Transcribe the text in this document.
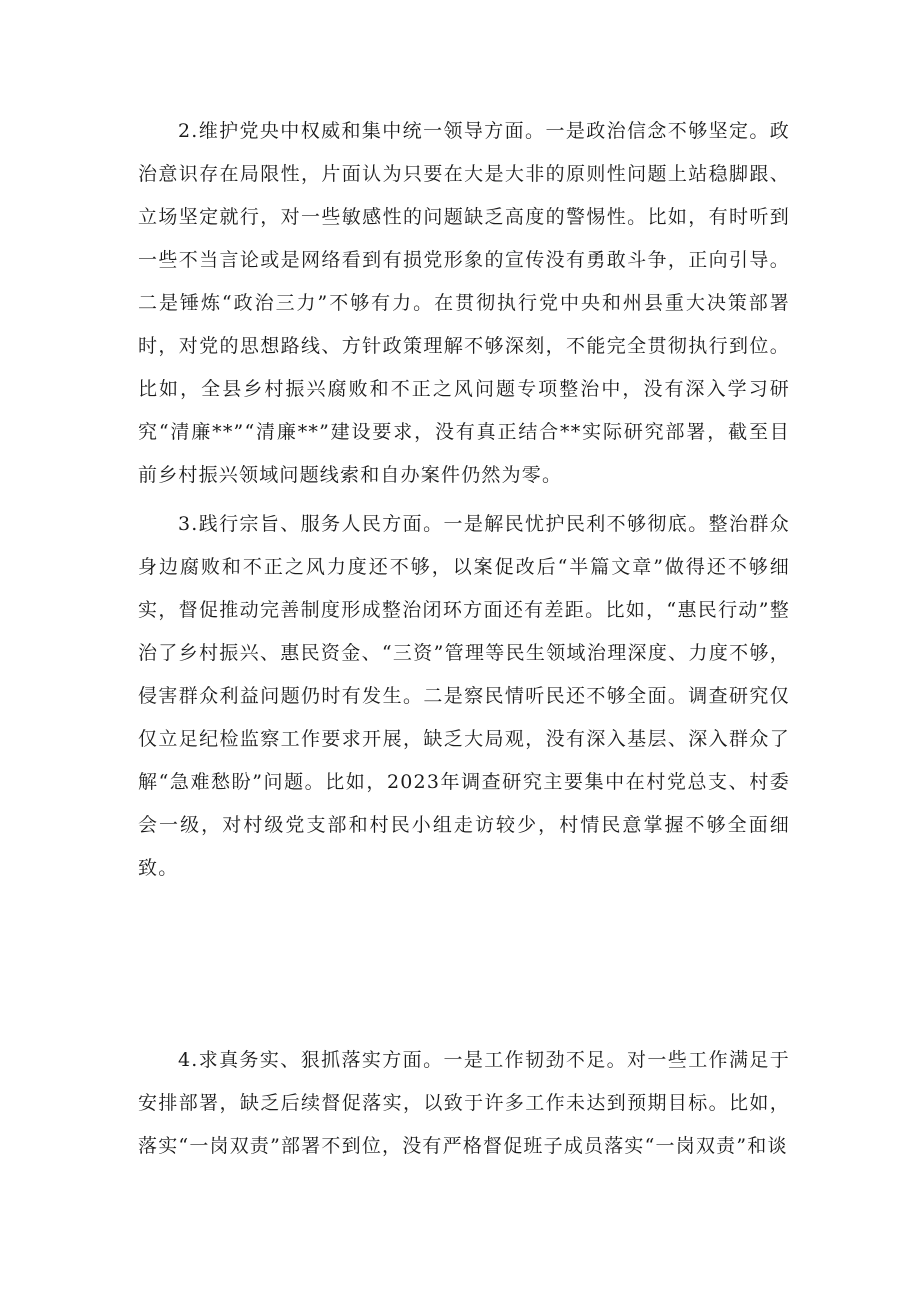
2.维护党央中权威和集中统一领导方面。一是政治信念不够坚定。政治意识存在局限性，片面认为只要在大是大非的原则性问题上站稳脚跟、立场坚定就行，对一些敏感性的问题缺乏高度的警惕性。比如，有时听到一些不当言论或是网络看到有损党形象的宣传没有勇敢斗争，正向引导。二是锤炼“政治三力”不够有力。在贯彻执行党中央和州县重大决策部署时，对党的思想路线、方针政策理解不够深刻，不能完全贯彻执行到位。比如，全县乡村振兴腐败和不正之风问题专项整治中，没有深入学习研究“清廉**”“清廉**”建设要求，没有真正结合**实际研究部署，截至目前乡村振兴领域问题线索和自办案件仍然为零。

3.践行宗旨、服务人民方面。一是解民忧护民利不够彻底。整治群众身边腐败和不正之风力度还不够，以案促改后“半篇文章”做得还不够细实，督促推动完善制度形成整治闭环方面还有差距。比如，“惠民行动”整治了乡村振兴、惠民资金、“三资”管理等民生领域治理深度、力度不够，侵害群众利益问题仍时有发生。二是察民情听民还不够全面。调查研究仅仅立足纪检监察工作要求开展，缺乏大局观，没有深入基层、深入群众了解“急难愁盼”问题。比如，2023年调查研究主要集中在村党总支、村委会一级，对村级党支部和村民小组走访较少，村情民意掌握不够全面细致。

4.求真务实、狠抓落实方面。一是工作韧劲不足。对一些工作满足于安排部署，缺乏后续督促落实，以致于许多工作未达到预期目标。比如，落实“一岗双责”部署不到位，没有严格督促班子成员落实“一岗双责”和谈
